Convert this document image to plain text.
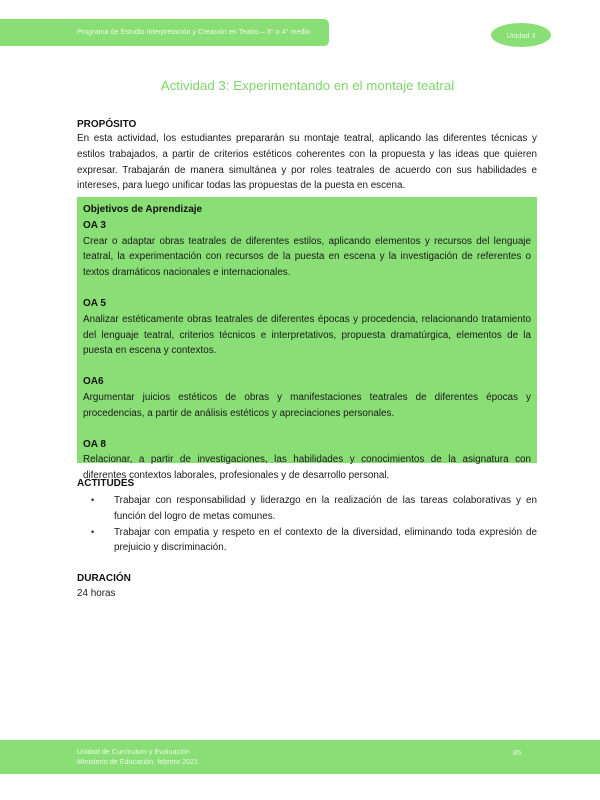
Programa de Estudio Interpretación y Creación en Teatro – 3° o 4° medio	Unidad 3
Actividad 3: Experimentando en el montaje teatral
PROPÓSITO
En esta actividad, los estudiantes prepararán su montaje teatral, aplicando las diferentes técnicas y estilos trabajados, a partir de criterios estéticos coherentes con la propuesta y las ideas que quieren expresar. Trabajarán de manera simultánea y por roles teatrales de acuerdo con sus habilidades e intereses, para luego unificar todas las propuestas de la puesta en escena.
Objetivos de Aprendizaje
OA 3
Crear o adaptar obras teatrales de diferentes estilos, aplicando elementos y recursos del lenguaje teatral, la experimentación con recursos de la puesta en escena y la investigación de referentes o textos dramáticos nacionales e internacionales.
OA 5
Analizar estéticamente obras teatrales de diferentes épocas y procedencia, relacionando tratamiento del lenguaje teatral, criterios técnicos e interpretativos, propuesta dramatúrgica, elementos de la puesta en escena y contextos.
OA6
Argumentar juicios estéticos de obras y manifestaciones teatrales de diferentes épocas y procedencias, a partir de análisis estéticos y apreciaciones personales.
OA 8
Relacionar, a partir de investigaciones, las habilidades y conocimientos de la asignatura con diferentes contextos laborales, profesionales y de desarrollo personal.
ACTITUDES
• Trabajar con responsabilidad y liderazgo en la realización de las tareas colaborativas y en función del logro de metas comunes.
• Trabajar con empatia y respeto en el contexto de la diversidad, eliminando toda expresión de prejuicio y discriminación.
DURACIÓN
24 horas
Unidad de Currículum y Evaluación
Ministerio de Educación, febrero 2021
85
